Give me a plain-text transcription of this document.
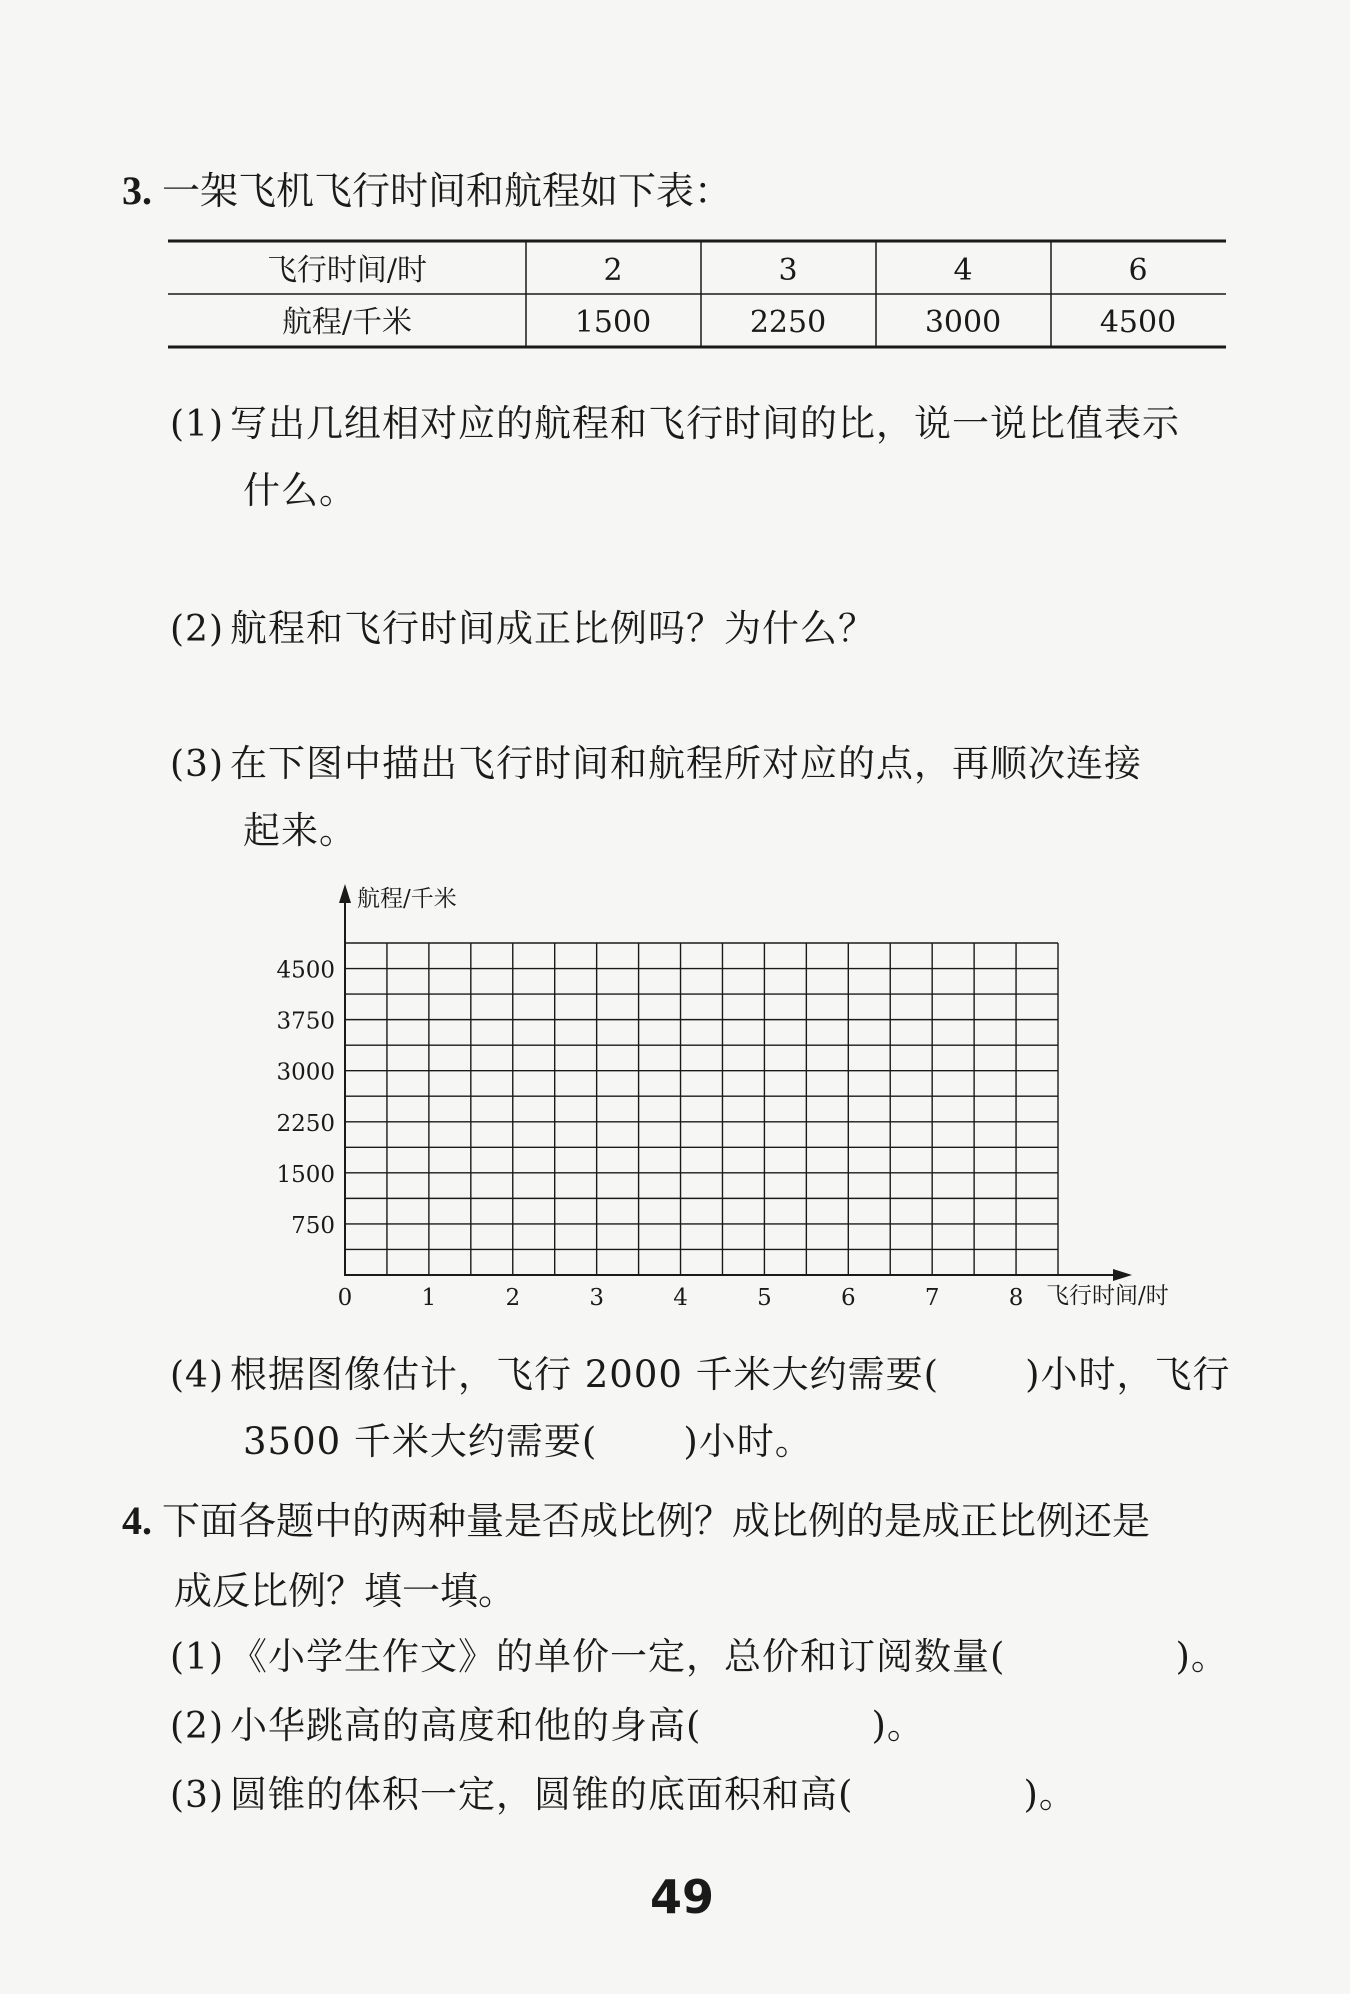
3. 一架飞机飞行时间和航程如下表：
飞行时间/时	2	3	4	6
航程/千米	1500	2250	3000	4500
(1) 写出几组相对应的航程和飞行时间的比，说一说比值表示
什么。
(2) 航程和飞行时间成正比例吗？为什么？
(3) 在下图中描出飞行时间和航程所对应的点，再顺次连接
起来。
航程/千米
飞行时间/时
4500
3750
3000
2250
1500
750
0	1	2	3	4	5	6	7	8
(4) 根据图像估计，飞行 2000 千米大约需要( )小时，飞行
3500 千米大约需要( )小时。
4. 下面各题中的两种量是否成比例？成比例的是成正比例还是
成反比例？填一填。
(1) 《小学生作文》的单价一定，总价和订阅数量(	)。
(2) 小华跳高的高度和他的身高(	)。
(3) 圆锥的体积一定，圆锥的底面积和高(	)。
49
